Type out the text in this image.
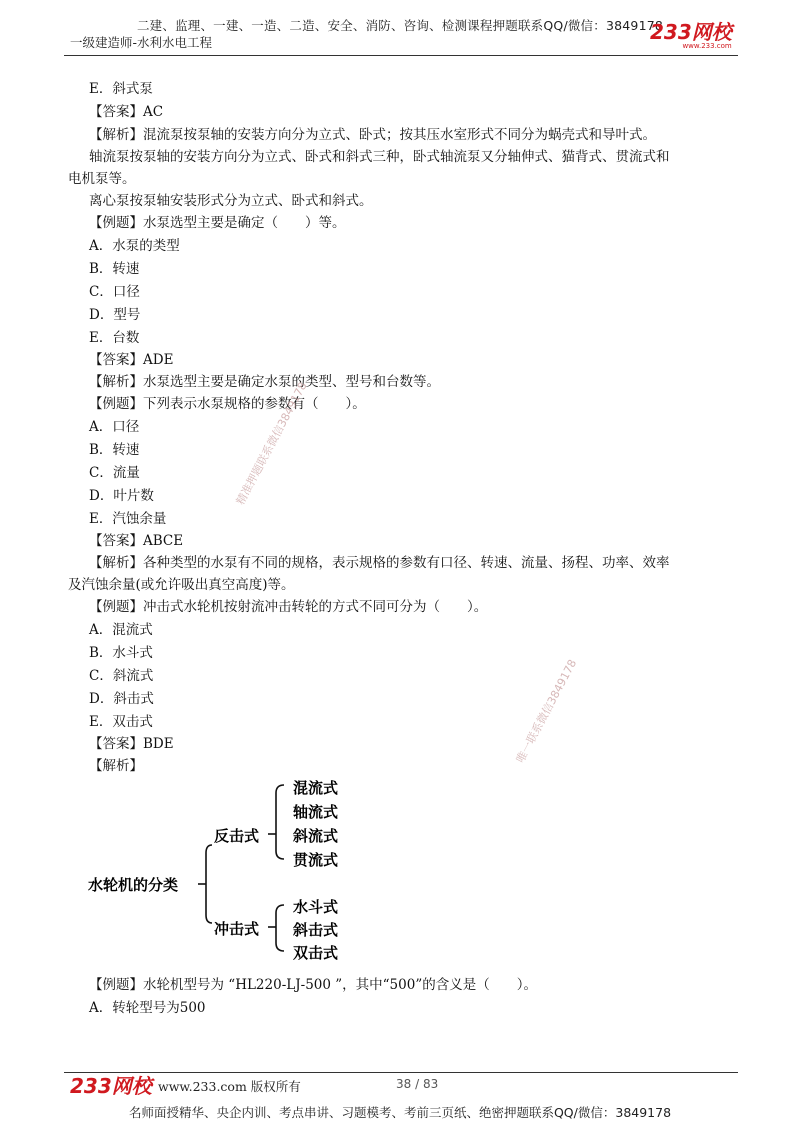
二建、监理、一建、一造、二造、安全、消防、咨询、检测课程押题联系QQ/微信：3849178
一级建造师-水利水电工程	233网校
www.233.com
E．斜式泵
【答案】AC
【解析】混流泵按泵轴的安装方向分为立式、卧式；按其压水室形式不同分为蜗壳式和导叶式。
轴流泵按泵轴的安装方向分为立式、卧式和斜式三种，卧式轴流泵又分轴伸式、猫背式、贯流式和
电机泵等。
离心泵按泵轴安装形式分为立式、卧式和斜式。
【例题】水泵选型主要是确定（　　）等。
A．水泵的类型
B．转速
C．口径
D．型号
E．台数
【答案】ADE
【解析】水泵选型主要是确定水泵的类型、型号和台数等。
【例题】下列表示水泵规格的参数有（　　）。
A．口径
B．转速
C．流量
D．叶片数
E．汽蚀余量
【答案】ABCE
【解析】各种类型的水泵有不同的规格，表示规格的参数有口径、转速、流量、扬程、功率、效率
及汽蚀余量(或允许吸出真空高度)等。
【例题】冲击式水轮机按射流冲击转轮的方式不同可分为（　　）。
A．混流式
B．水斗式
C．斜流式
D．斜击式
E．双击式
【答案】BDE
【解析】
【例题】水轮机型号为 “HL220-LJ-500 ”，其中“500”的含义是（　　）。
A．转轮型号为500
水轮机的分类
反击式
冲击式
混流式
轴流式
斜流式
贯流式
水斗式
斜击式
双击式
精准押题联系微信3849178
唯一联系微信3849178
233网校 www.233.com 版权所有	38 / 83
名师面授精华、央企内训、考点串讲、习题模考、考前三页纸、绝密押题联系QQ/微信：3849178
